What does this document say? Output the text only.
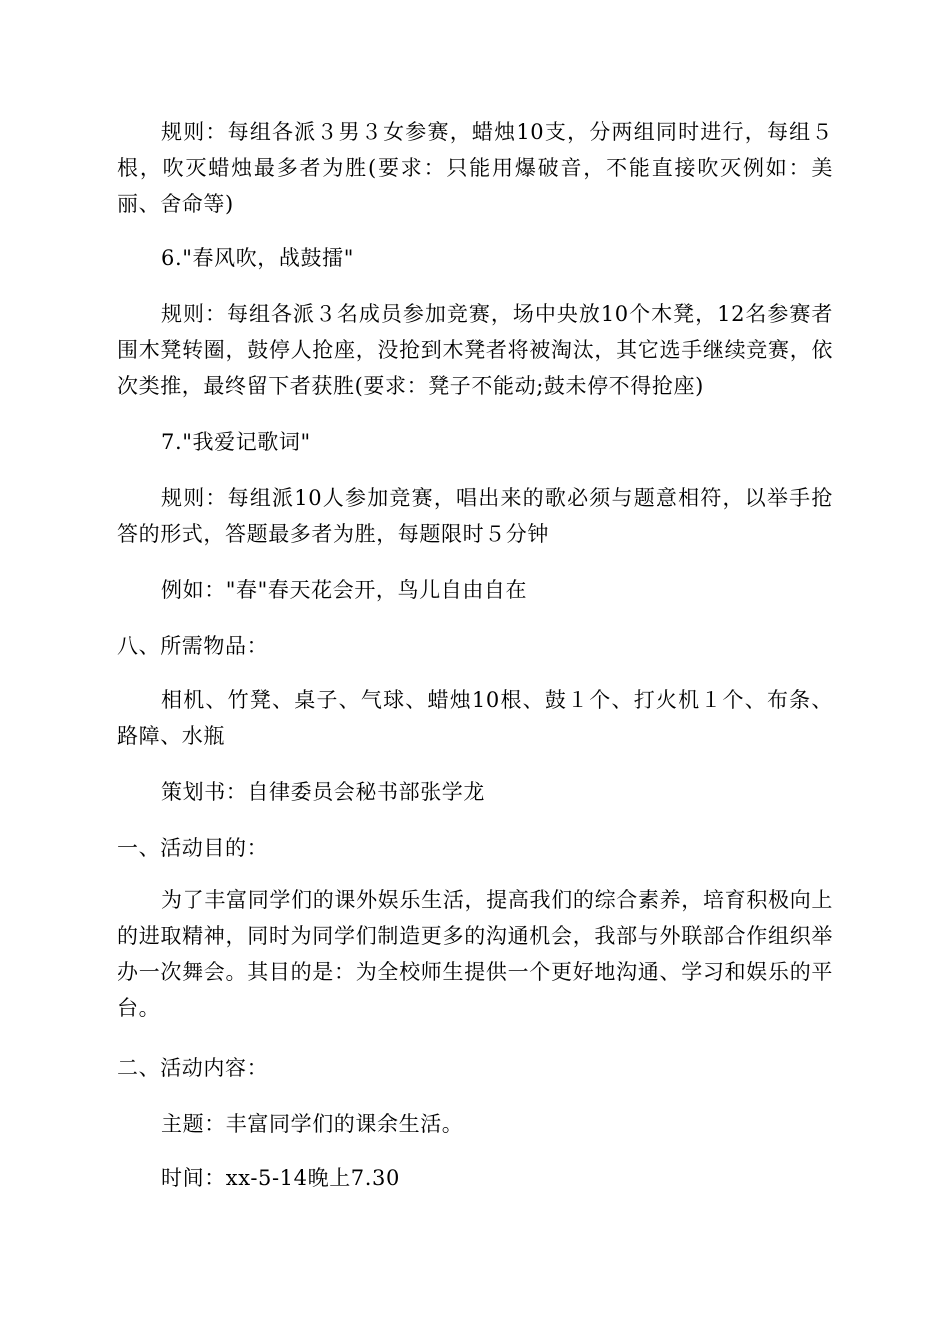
规则：每组各派３男３女参赛，蜡烛10支，分两组同时进行，每组５根，吹灭蜡烛最多者为胜(要求：只能用爆破音，不能直接吹灭例如：美丽、舍命等)

6."春风吹，战鼓擂"

规则：每组各派３名成员参加竞赛，场中央放10个木凳，12名参赛者围木凳转圈，鼓停人抢座，没抢到木凳者将被淘汰，其它选手继续竞赛，依次类推，最终留下者获胜(要求：凳子不能动;鼓未停不得抢座)

7."我爱记歌词"

规则：每组派10人参加竞赛，唱出来的歌必须与题意相符，以举手抢答的形式，答题最多者为胜，每题限时５分钟

例如："春"春天花会开，鸟儿自由自在

八、所需物品：

相机、竹凳、桌子、气球、蜡烛10根、鼓１个、打火机１个、布条、路障、水瓶

策划书：自律委员会秘书部张学龙

一、活动目的：

为了丰富同学们的课外娱乐生活，提高我们的综合素养，培育积极向上的进取精神，同时为同学们制造更多的沟通机会，我部与外联部合作组织举办一次舞会。其目的是：为全校师生提供一个更好地沟通、学习和娱乐的平台。

二、活动内容：

主题：丰富同学们的课余生活。

时间：xx-5-14晚上7.30
